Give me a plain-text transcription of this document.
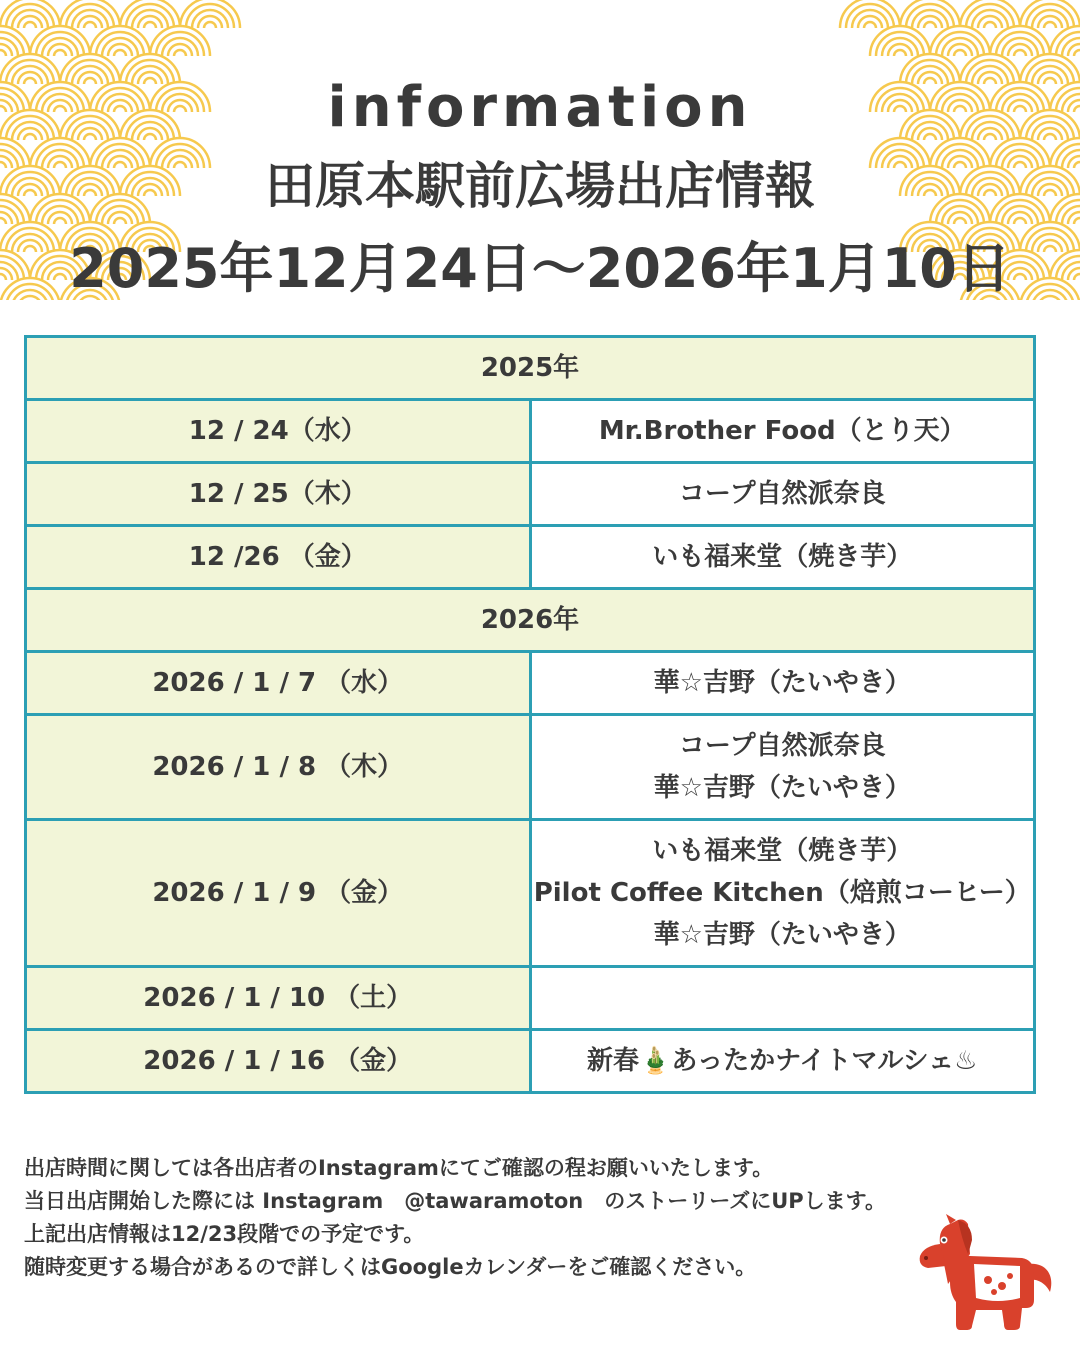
information
田原本駅前広場出店情報
2025年12月24日～2026年1月10日
2025年	
12 / 24（水）	Mr.Brother Food（とり天）

12 / 25（木）	コープ自然派奈良

12 /26 （金）	いも福来堂（焼き芋）

2026年	
2026 / 1 / 7 （水）	華☆吉野（たいやき）

2026 / 1 / 8 （木）	コープ自然派奈良
華☆吉野（たいやき）

2026 / 1 / 9 （金）	いも福来堂（焼き芋）
Pilot Coffee Kitchen（焙煎コーヒー）
華☆吉野（たいやき）

2026 / 1 / 10 （土）	
2026 / 1 / 16 （金）	新春🎍あったかナイトマルシェ♨

出店時間に関しては各出店者のInstagramにてご確認の程お願いいたします。

当日出店開始した際には Instagram　@tawaramoton　のストーリーズにUPします。

上記出店情報は12/23段階での予定です。

随時変更する場合があるので詳しくはGoogleカレンダーをご確認ください。
